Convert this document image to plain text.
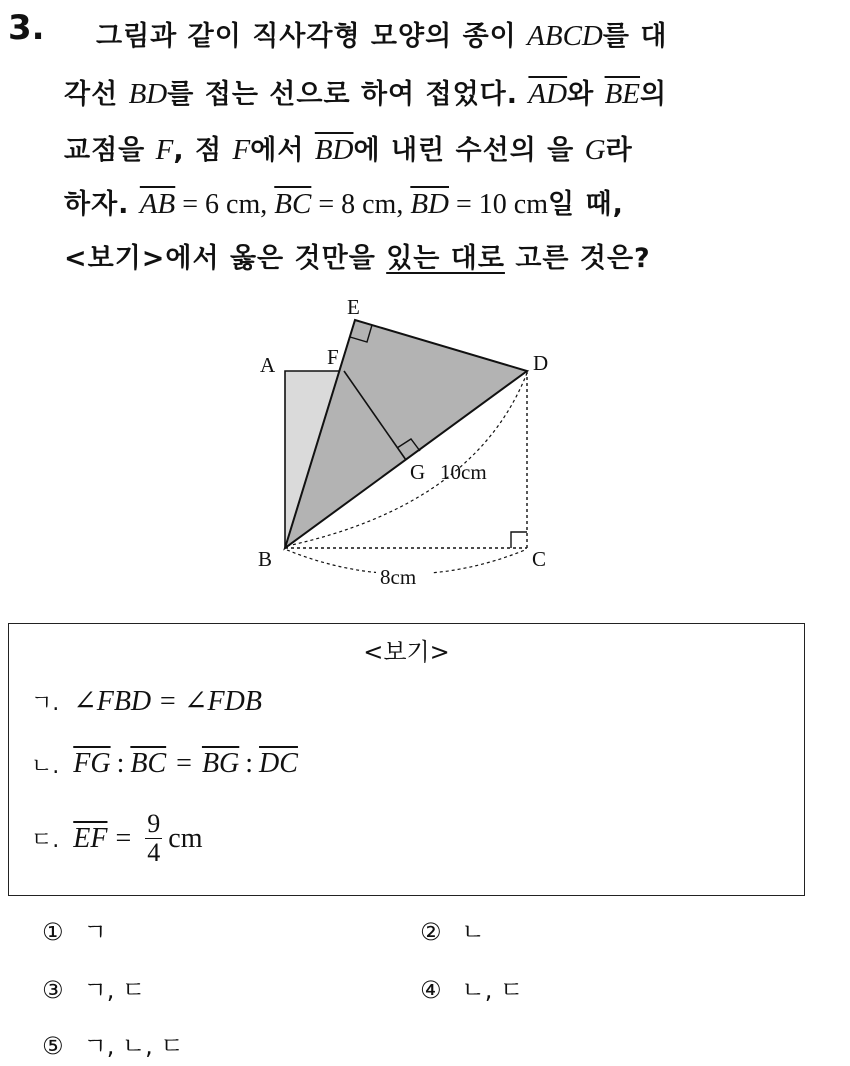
3. 그림과 같이 직사각형 모양의 종이 ABCD를 대
각선 BD를 접는 선으로 하여 접었다. $\overline{AD}$와 $\overline{BE}$의
교점을 F, 점 F에서 $\overline{BD}$에 내린 수선의 을 G라
하자. $\overline{AB} = 6$ cm, $\overline{BC} = 8$ cm, $\overline{BD} = 10$ cm일 때,
<보기>에서 옳은 것만을 있는 대로 고른 것은?
A
B	C
D
E
F
G 10cm
8cm
<보기>
ㄱ. ∠FBD = ∠FDB
ㄴ. $\overline{FG}$ : $\overline{BC} = \overline{BG}$ : $\overline{DC}$
ㄷ. $\overline{EF} = \frac{9}{4}$ cm
① ㄱ	② ㄴ
③ ㄱ, ㄷ	④ ㄴ, ㄷ
⑤ ㄱ, ㄴ, ㄷ
